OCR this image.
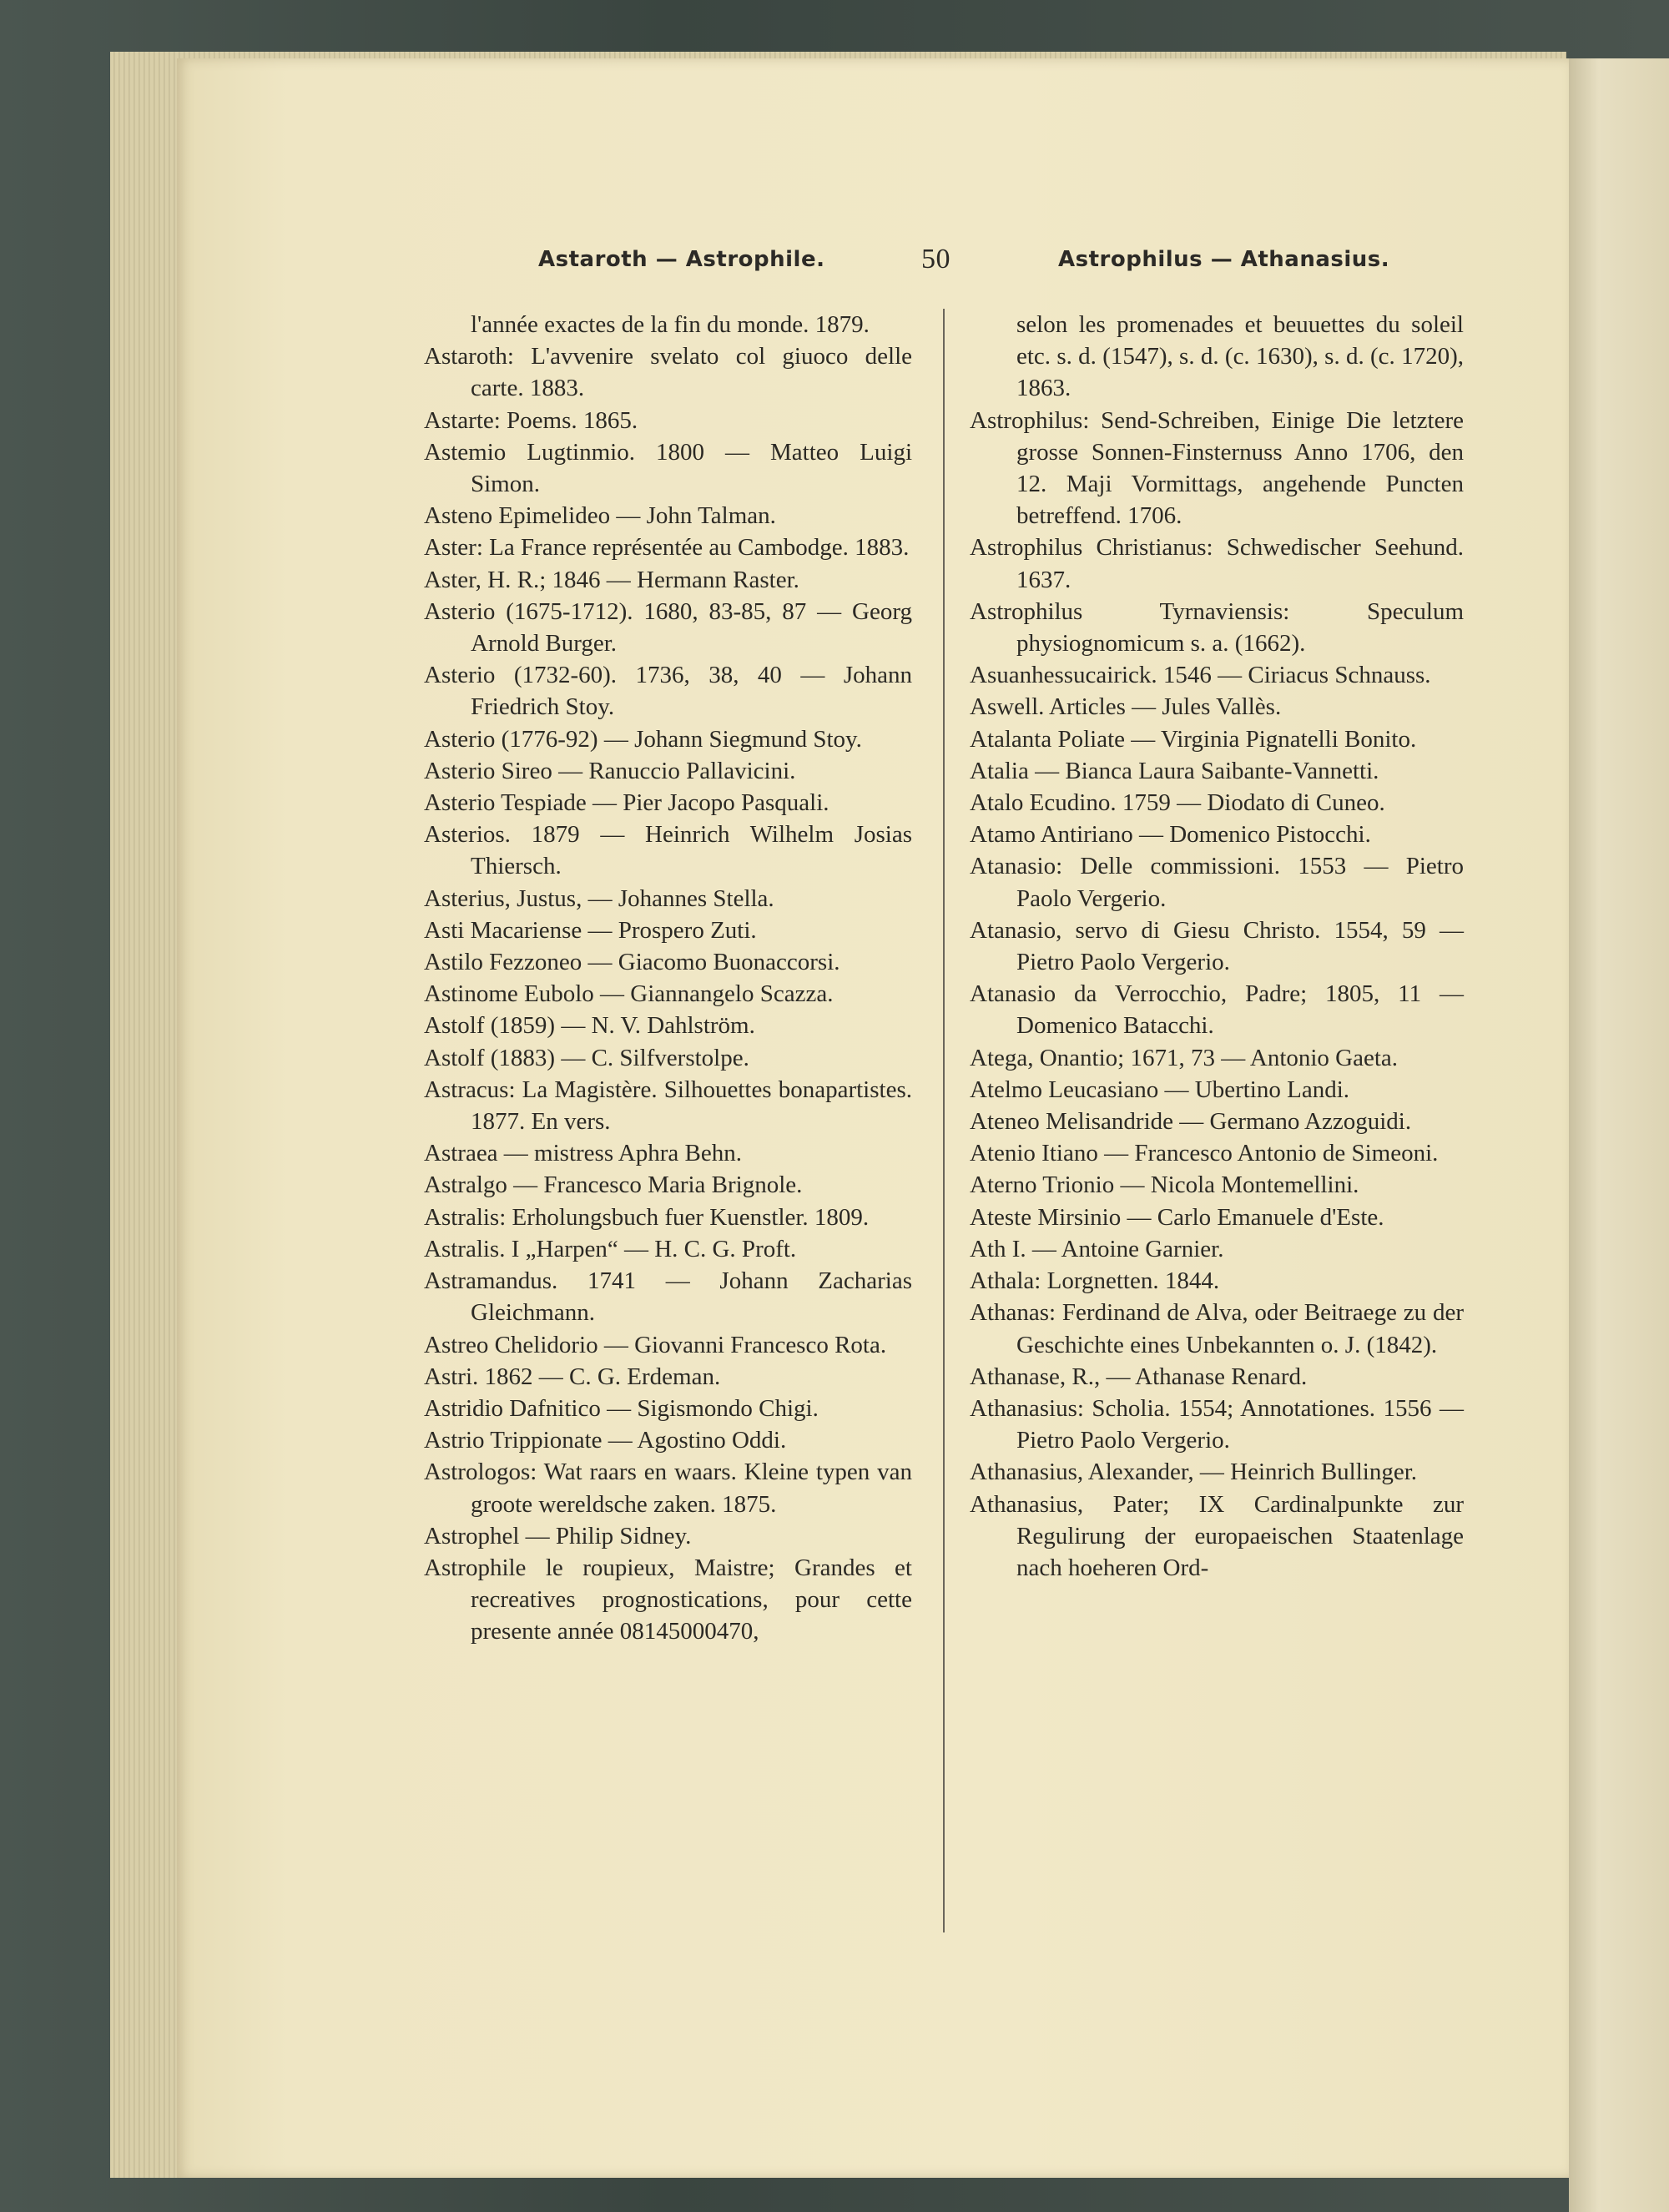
Astaroth — Astrophile.	50	Astrophilus — Athanasius.

l'année exactes de la fin du monde. 1879.

Astaroth: L'avvenire svelato col giuoco delle carte. 1883.

Astarte: Poems. 1865.

Astemio Lugtinmio. 1800 — Matteo Luigi Simon.

Asteno Epimelideo — John Talman.

Aster: La France représentée au Cambodge. 1883.

Aster, H. R.; 1846 — Hermann Raster.

Asterio (1675-1712). 1680, 83-85, 87 — Georg Arnold Burger.

Asterio (1732-60). 1736, 38, 40 — Johann Friedrich Stoy.

Asterio (1776-92) — Johann Siegmund Stoy.

Asterio Sireo — Ranuccio Pallavicini.

Asterio Tespiade — Pier Jacopo Pasquali.

Asterios. 1879 — Heinrich Wilhelm Josias Thiersch.

Asterius, Justus, — Johannes Stella.

Asti Macariense — Prospero Zuti.

Astilo Fezzoneo — Giacomo Buonaccorsi.

Astinome Eubolo — Giannangelo Scazza.

Astolf (1859) — N. V. Dahlström.

Astolf (1883) — C. Silfverstolpe.

Astracus: La Magistère. Silhouettes bonapartistes. 1877. En vers.

Astraea — mistress Aphra Behn.

Astralgo — Francesco Maria Brignole.

Astralis: Erholungsbuch fuer Kuenstler. 1809.

Astralis. I „Harpen“ — H. C. G. Proft.

Astramandus. 1741 — Johann Zacharias Gleichmann.

Astreo Chelidorio — Giovanni Francesco Rota.

Astri. 1862 — C. G. Erdeman.

Astridio Dafnitico — Sigismondo Chigi.

Astrio Trippionate — Agostino Oddi.

Astrologos: Wat raars en waars. Kleine typen van groote wereldsche zaken. 1875.

Astrophel — Philip Sidney.

Astrophile le roupieux, Maistre; Grandes et recreatives prognostications, pour cette presente année 08145000470,

selon les promenades et beuuettes du soleil etc. s. d. (1547), s. d. (c. 1630), s. d. (c. 1720), 1863.

Astrophilus: Send-Schreiben, Einige Die letztere grosse Sonnen-Finsternuss Anno 1706, den 12. Maji Vormittags, angehende Puncten betreffend. 1706.

Astrophilus Christianus: Schwedischer Seehund. 1637.

Astrophilus Tyrnaviensis: Speculum physiognomicum s. a. (1662).

Asuanhessucairick. 1546 — Ciriacus Schnauss.

Aswell. Articles — Jules Vallès.

Atalanta Poliate — Virginia Pignatelli Bonito.

Atalia — Bianca Laura Saibante-Vannetti.

Atalo Ecudino. 1759 — Diodato di Cuneo.

Atamo Antiriano — Domenico Pistocchi.

Atanasio: Delle commissioni. 1553 — Pietro Paolo Vergerio.

Atanasio, servo di Giesu Christo. 1554, 59 — Pietro Paolo Vergerio.

Atanasio da Verrocchio, Padre; 1805, 11 — Domenico Batacchi.

Atega, Onantio; 1671, 73 — Antonio Gaeta.

Atelmo Leucasiano — Ubertino Landi.

Ateneo Melisandride — Germano Azzoguidi.

Atenio Itiano — Francesco Antonio de Simeoni.

Aterno Trionio — Nicola Montemellini.

Ateste Mirsinio — Carlo Emanuele d'Este.

Ath I. — Antoine Garnier.

Athala: Lorgnetten. 1844.

Athanas: Ferdinand de Alva, oder Beitraege zu der Geschichte eines Unbekannten o. J. (1842).

Athanase, R., — Athanase Renard.

Athanasius: Scholia. 1554; Annotationes. 1556 — Pietro Paolo Vergerio.

Athanasius, Alexander, — Heinrich Bullinger.

Athanasius, Pater; IX Cardinalpunkte zur Regulirung der europaeischen Staatenlage nach hoeheren Ord-
